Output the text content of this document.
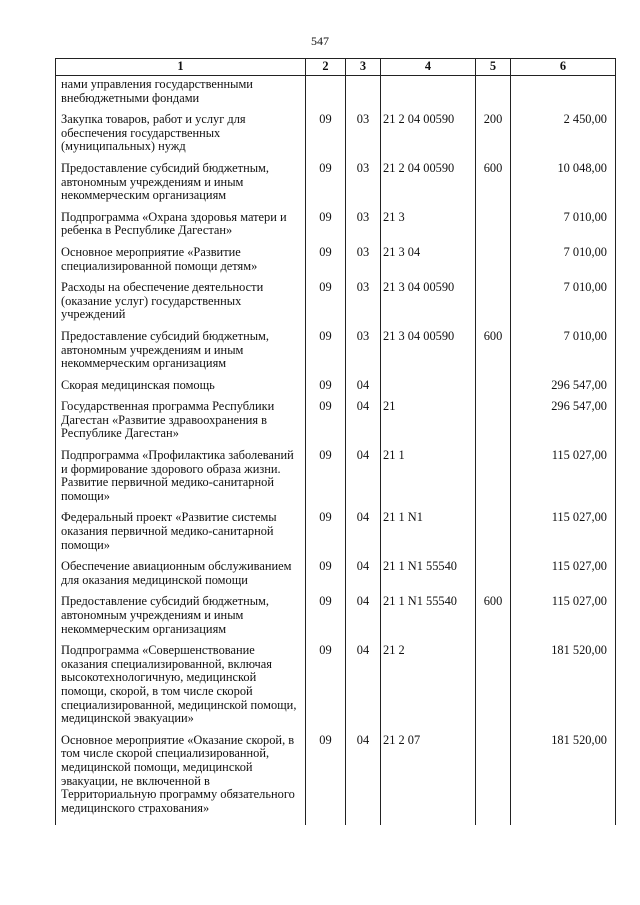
547
1	2	3	4	5	6
нами управления государственными внебюджетными фондами					
Закупка товаров, работ и услуг для обеспечения государственных (муниципальных) нужд	09	03	21 2 04 00590	200	2 450,00
Предоставление субсидий бюджетным, автономным учреждениям и иным некоммерческим организациям	09	03	21 2 04 00590	600	10 048,00
Подпрограмма «Охрана здоровья матери и ребенка в Республике Дагестан»	09	03	21 3		7 010,00
Основное мероприятие «Развитие специализированной помощи детям»	09	03	21 3 04		7 010,00
Расходы на обеспечение деятельности (оказание услуг) государственных учреждений	09	03	21 3 04 00590		7 010,00
Предоставление субсидий бюджетным, автономным учреждениям и иным некоммерческим организациям	09	03	21 3 04 00590	600	7 010,00
Скорая медицинская помощь	09	04			296 547,00
Государственная программа Республики Дагестан «Развитие здравоохранения в Республике Дагестан»	09	04	21		296 547,00
Подпрограмма «Профилактика заболеваний и формирование здорового образа жизни. Развитие первичной медико-санитарной помощи»	09	04	21 1		115 027,00
Федеральный проект «Развитие системы оказания первичной медико-санитарной помощи»	09	04	21 1 N1		115 027,00
Обеспечение авиационным обслуживанием для оказания медицинской помощи	09	04	21 1 N1 55540		115 027,00
Предоставление субсидий бюджетным, автономным учреждениям и иным некоммерческим организациям	09	04	21 1 N1 55540	600	115 027,00
Подпрограмма «Совершенствование оказания специализированной, включая высокотехнологичную, медицинской помощи, скорой, в том числе скорой специализированной, медицинской помощи, медицинской эвакуации»	09	04	21 2		181 520,00
Основное мероприятие «Оказание скорой, в том числе скорой специализированной, медицинской помощи, медицинской эвакуации, не включенной в Территориальную программу обязательного медицинского страхования»	09	04	21 2 07		181 520,00
